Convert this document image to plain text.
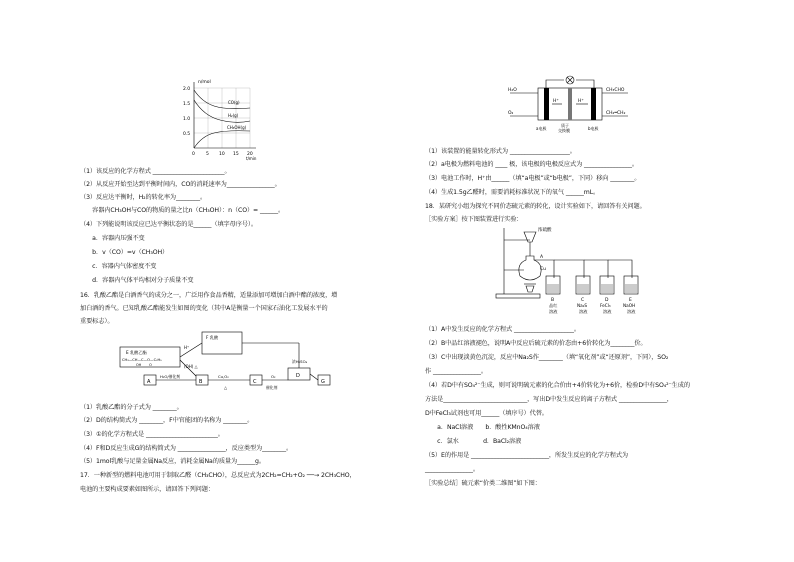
n/mol
2.0
1.5
1.0
0.5
0 5 10 15 20
t/min
CO(g)
H₂(g)
CH₃OH(g)
（1）该反应的化学方程式 ________________________。
（2）从反应开始至达到平衡时间内，CO的消耗速率为________________。
（3）反应达平衡时，H₂的转化率为________。
　　容器内CH₃OH与CO的物质的量之比n（CH₃OH）：n（CO）= ______。
（4）下列能说明该反应已达平衡状态的是______（填字母序号）。
　　a．容器内压强不变
　　b．v（CO）=v（CH₃OH）
　　c．容器内气体密度不变
　　d．容器内气体平均相对分子质量不变
16．乳酸乙酯是白酒香气的成分之一，广泛用作食品香精，适量添加可增加白酒中酯的浓度，增
加白酒的香气。已知乳酸乙酯能发生如图的变化（其中A是衡量一个国家石油化工发展水平的
重要标志）。
E 乳酸乙酯
CH₃—CH—C—O—C₂H₅
OH　　 O
F 乳酸
H⁺
(OH) △
A
H₂O/催化剂
B
Cu,O₂
△
C
O₂
催化剂
D
浓H₂SO₄
G
（1）乳酸乙酯的分子式为 ________。
（2）D的结构简式为 ________，F中官能团的名称为 ________。
（3）①的化学方程式是 ________________________。
（4）F和D反应生成G的结构简式为 ________________，反应类型为________。
（5）1mol乳酸与足量金属Na反应，消耗金属Na的质量为______g。
17．一种新型的燃料电池可用于制取乙醛（CH₃CHO），总反应式为2CH₂=CH₂+O₂ ──→ 2CH₃CHO，
电池的主要构成要素如图所示，请回答下列问题：
H₂O
O₂
H⁺	H⁺
CH₃CHO
CH₂═CH₂
a电极
质子
交换膜	b电极
（1）该装置的能量转化形式为 ____________________。
（2）a电极为燃料电池的 ____ 极，该电极的电极反应式为 ________________。
（3）电池工作时，H⁺由______（填“a电极”或“b电极”，下同）移向 ________。
（4）生成1.5g乙醛时，需要消耗标准状况下的氧气 ______mL。
18．某研究小组为探究不同价态硫元素的转化，设计实验如下，请回答有关问题。
［实验方案］按下图装置进行实验：
浓硫酸
A
Cu
B
品红
溶液
C
Na₂S
溶液
D
FeCl₃
溶液
E
NaOH
溶液
（1）A中发生反应的化学方程式 ____________________。
（2）B中品红溶液褪色，说明A中反应后硫元素的价态由+6价转化为________价。
（3）C中出现淡黄色沉淀，反应中Na₂S作________（填“氧化剂”或“还原剂”，下同），SO₂
作 ________________。
（4）若D中有SO₄²⁻生成，则可说明硫元素的化合价由+4价转化为+6价，检验D中有SO₄²⁻生成的
方法是____________________________，写出D中发生反应的离子方程式 ________________，
D中FeCl₃试剂也可用______（填序号）代替。
　　a．NaCl溶液　　b．酸性KMnO₄溶液
　　c．氯水　　　　d．BaCl₂溶液
（5）E的作用是 __________________________，所发生反应的化学方程式为
________________。
［实验总结］硫元素“价类二维图”如下图：
